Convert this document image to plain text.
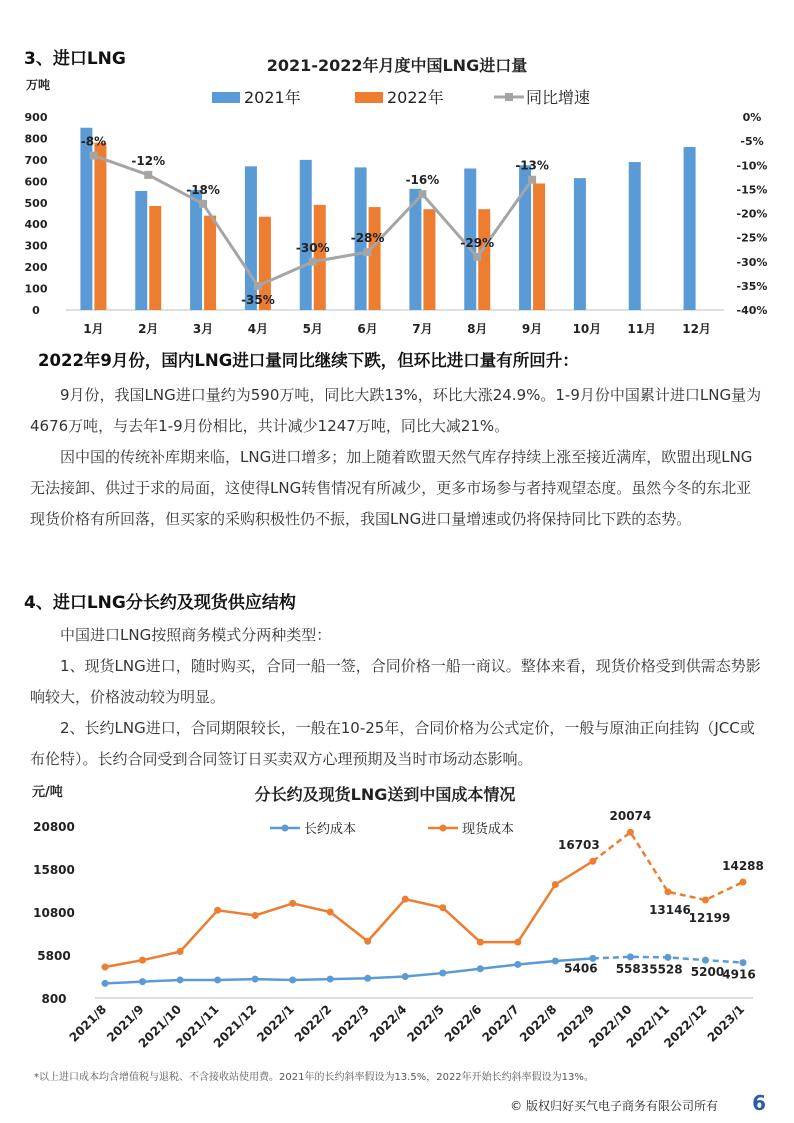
3、进口LNG	2021-2022年月度中国LNG进口量
万吨
2021年	2022年	同比增速
900
800
700
600
500
400
300
200
100
0
0%
-5%
-10%
-15%
-20%
-25%
-30%
-35%
-40%
1月	2月	3月	4月	5月	6月	7月	8月	9月	10月 11月 12月
-8%
-12%
-18%
-35%
-30%
-28%
-16%
-29%
-13%
2022年9月份，国内LNG进口量同比继续下跌，但环比进口量有所回升：

9月份，我国LNG进口量约为590万吨，同比大跌13%，环比大涨24.9%。1-9月份中国累计进口LNG量为4676万吨，与去年1-9月份相比，共计减少1247万吨，同比大减21%。

因中国的传统补库期来临，LNG进口增多；加上随着欧盟天然气库存持续上涨至接近满库，欧盟出现LNG无法接卸、供过于求的局面，这使得LNG转售情况有所减少，更多市场参与者持观望态度。虽然今冬的东北亚现货价格有所回落，但买家的采购积极性仍不振，我国LNG进口量增速或仍将保持同比下跌的态势。

4、进口LNG分长约及现货供应结构

中国进口LNG按照商务模式分两种类型：

1、现货LNG进口，随时购买，合同一船一签，合同价格一船一商议。整体来看，现货价格受到供需态势影响较大，价格波动较为明显。

2、长约LNG进口，合同期限较长，一般在10-25年，合同价格为公式定价，一般与原油正向挂钩（JCC或布伦特）。长约合同受到合同签订日买卖双方心理预期及当时市场动态影响。

分长约及现货LNG送到中国成本情况
元/吨
长约成本	现货成本
20800
15800
10800
5800
800
2021/8
2021/9
2021/10
2021/11
2021/12
2022/1
2022/2
2022/3
2022/4
2022/5
2022/6
2022/7
2022/8
2022/9
2022/10
2022/11
2022/12
2023/1
5406 5583 5528 5200
4916
16703
20074
13146
12199
14288
*以上进口成本均含增值税与退税、不含接收站使用费。2021年的长约斜率假设为13.5%，2022年开始长约斜率假设为13%。
© 版权归好买气电子商务有限公司所有 6
